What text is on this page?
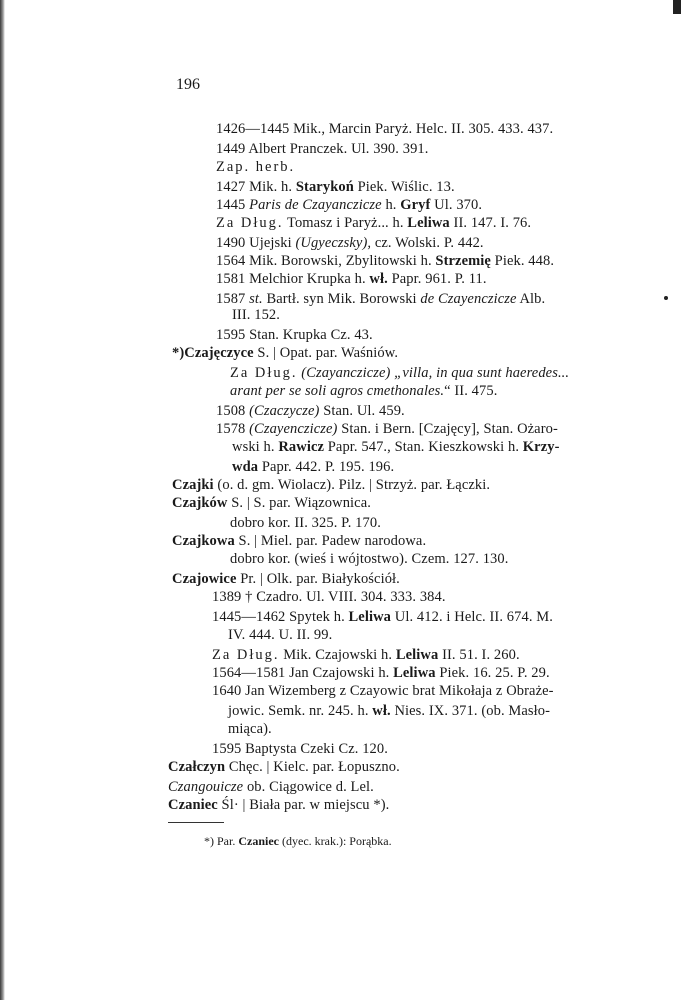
196
1426—1445 Mik., Marcin Paryż. Helc. II. 305. 433. 437.
1449 Albert Pranczek. Ul. 390. 391.
Zap. herb.
1427 Mik. h. Starykoń Piek. Wiślic. 13.
1445 Paris de Czayanczicze h. Gryf Ul. 370.
Za Dług. Tomasz i Paryż... h. Leliwa II. 147. I. 76.
1490 Ujejski (Ugyeczsky), cz. Wolski. P. 442.
1564 Mik. Borowski, Zbylitowski h. Strzemię Piek. 448.
1581 Melchior Krupka h. wł. Papr. 961. P. 11.
1587 st. Bartł. syn Mik. Borowski de Czayenczicze Alb.
III. 152.
1595 Stan. Krupka Cz. 43.
*)Czajęczyce S. | Opat. par. Waśniów.
Za Dług. (Czayanczicze) „villa, in qua sunt haeredes...
arant per se soli agros cmethonales.“ II. 475.
1508 (Czaczycze) Stan. Ul. 459.
1578 (Czayenczicze) Stan. i Bern. [Czajęcy], Stan. Ożaro-
wski h. Rawicz Papr. 547., Stan. Kieszkowski h. Krzy-
wda Papr. 442. P. 195. 196.
Czajki (o. d. gm. Wiolacz). Pilz. | Strzyż. par. Łączki.
Czajków S. | S. par. Wiązownica.
dobro kor. II. 325. P. 170.
Czajkowa S. | Miel. par. Padew narodowa.
dobro kor. (wieś i wójtostwo). Czem. 127. 130.
Czajowice Pr. | Olk. par. Białykościół.
1389 † Czadro. Ul. VIII. 304. 333. 384.
1445—1462 Spytek h. Leliwa Ul. 412. i Helc. II. 674. M.
IV. 444. U. II. 99.
Za Dług. Mik. Czajowski h. Leliwa II. 51. I. 260.
1564—1581 Jan Czajowski h. Leliwa Piek. 16. 25. P. 29.
1640 Jan Wizemberg z Czayowic brat Mikołaja z Obraże-
jowic. Semk. nr. 245. h. wł. Nies. IX. 371. (ob. Masło-
miąca).
1595 Baptysta Czeki Cz. 120.
Czałczyn Chęc. | Kielc. par. Łopuszno.
Czangouicze ob. Ciągowice d. Lel.
Czaniec Śl· | Biała par. w miejscu *).
*) Par. Czaniec (dyec. krak.): Porąbka.
